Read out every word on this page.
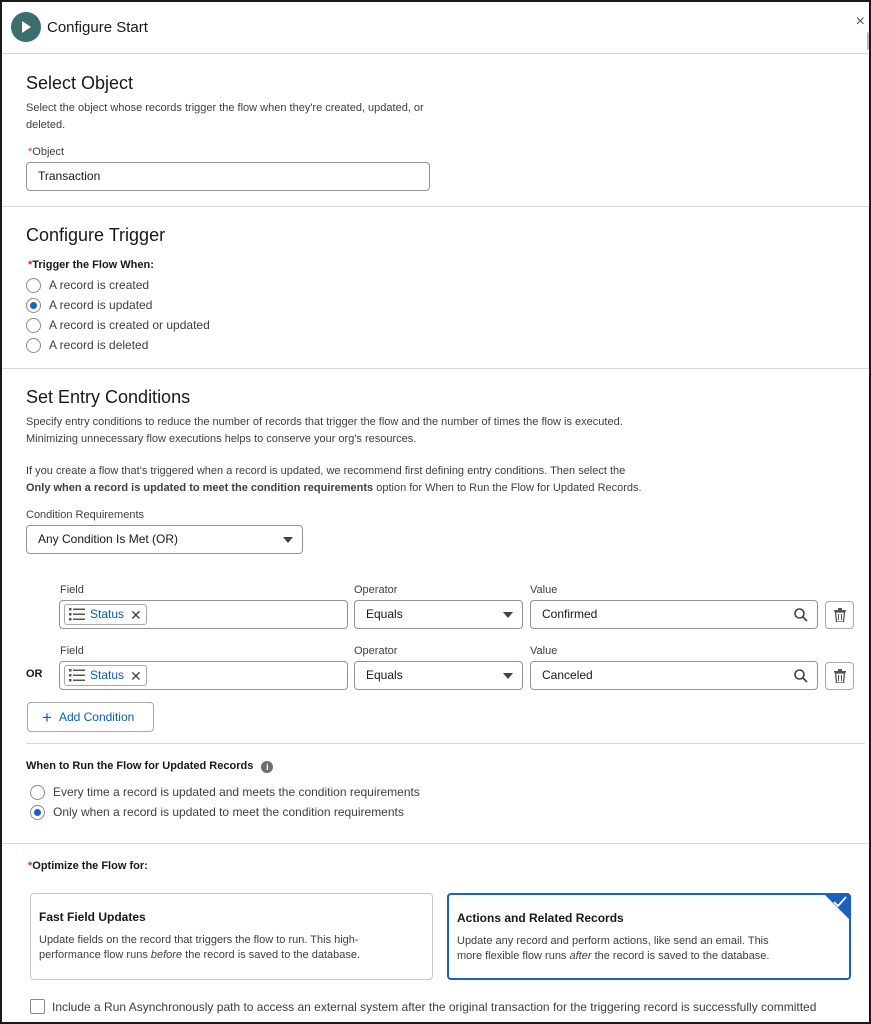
Configure Start	×
Select Object
Select the object whose records trigger the flow when they're created, updated, or
deleted.
*Object
Transaction
Configure Trigger
*Trigger the Flow When:
A record is created
A record is updated
A record is created or updated
A record is deleted
Set Entry Conditions
Specify entry conditions to reduce the number of records that trigger the flow and the number of times the flow is executed.
Minimizing unnecessary flow executions helps to conserve your org's resources.
If you create a flow that's triggered when a record is updated, we recommend first defining entry conditions. Then select the
Only when a record is updated to meet the condition requirements option for When to Run the Flow for Updated Records.
Condition Requirements
Any Condition Is Met (OR)
Field	Operator	Value
Status ✕	Equals	Confirmed
Field	Operator	Value
OR	Status ✕	Equals	Canceled
+ Add Condition
When to Run the Flow for Updated Records i
Every time a record is updated and meets the condition requirements
Only when a record is updated to meet the condition requirements
*Optimize the Flow for:
Fast Field Updates
Update fields on the record that triggers the flow to run. This high-
performance flow runs before the record is saved to the database.
Actions and Related Records
Update any record and perform actions, like send an email. This
more flexible flow runs after the record is saved to the database.
Include a Run Asynchronously path to access an external system after the original transaction for the triggering record is successfully committed
